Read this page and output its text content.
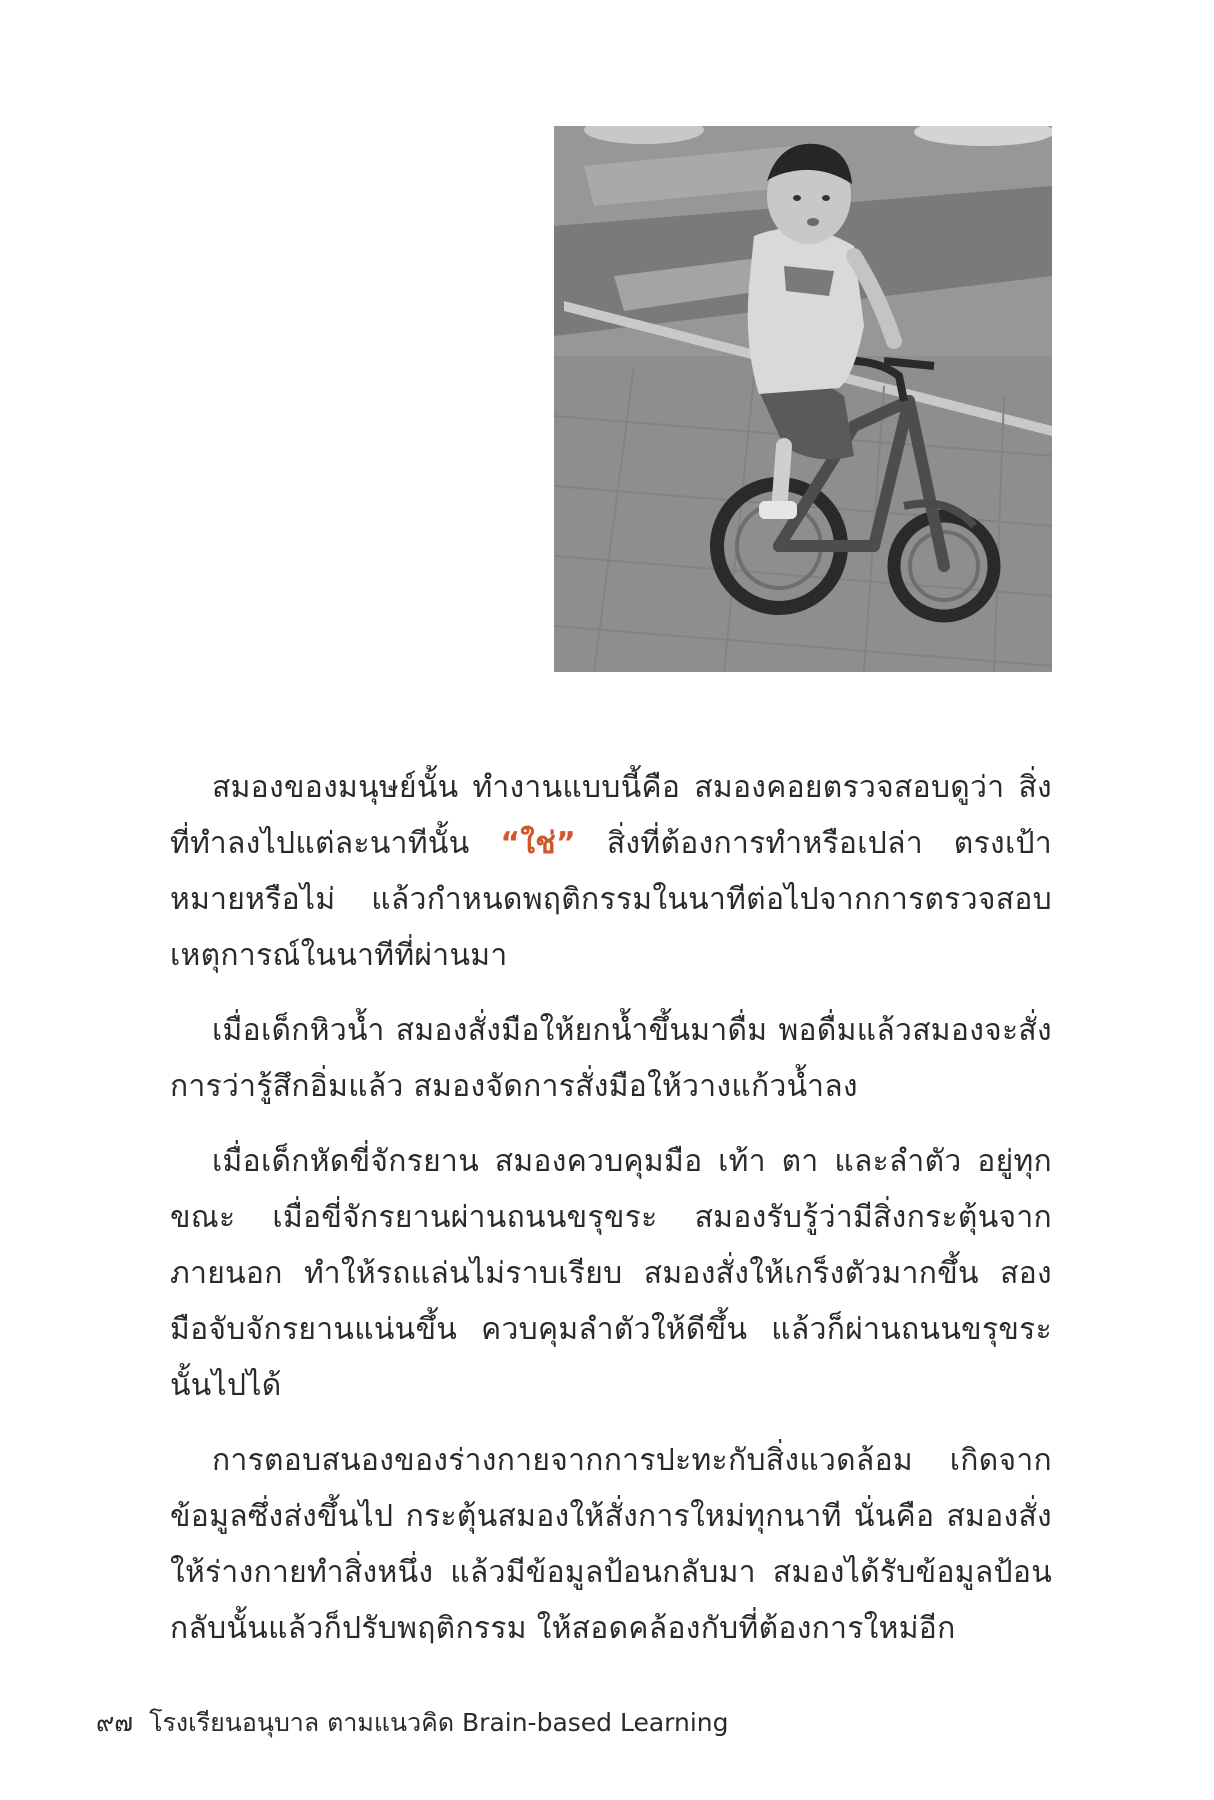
สมองของมนุษย์นั้น ทำงานแบบนี้คือ สมองคอยตรวจสอบดูว่า สิ่งที่ทำลงไปแต่ละนาทีนั้น “ใช่” สิ่งที่ต้องการทำหรือเปล่า ตรงเป้าหมายหรือไม่ แล้วกำหนดพฤติกรรมในนาทีต่อไปจากการตรวจสอบเหตุการณ์ในนาทีที่ผ่านมา

เมื่อเด็กหิวน้ำ สมองสั่งมือให้ยกน้ำขึ้นมาดื่ม พอดื่มแล้วสมองจะสั่งการว่ารู้สึกอิ่มแล้ว สมองจัดการสั่งมือให้วางแก้วน้ำลง

เมื่อเด็กหัดขี่จักรยาน สมองควบคุมมือ เท้า ตา และลำตัว อยู่ทุกขณะ เมื่อขี่จักรยานผ่านถนนขรุขระ สมองรับรู้ว่ามีสิ่งกระตุ้นจากภายนอก ทำให้รถแล่นไม่ราบเรียบ สมองสั่งให้เกร็งตัวมากขึ้น สองมือจับจักรยานแน่นขึ้น ควบคุมลำตัวให้ดีขึ้น แล้วก็ผ่านถนนขรุขระนั้นไปได้

การตอบสนองของร่างกายจากการปะทะกับสิ่งแวดล้อม เกิดจากข้อมูลซึ่งส่งขึ้นไป กระตุ้นสมองให้สั่งการใหม่ทุกนาที นั่นคือ สมองสั่งให้ร่างกายทำสิ่งหนึ่ง แล้วมีข้อมูลป้อนกลับมา สมองได้รับข้อมูลป้อนกลับนั้นแล้วก็ปรับพฤติกรรม ให้สอดคล้องกับที่ต้องการใหม่อีก

๙๗ โรงเรียนอนุบาล ตามแนวคิด Brain-based Learning
